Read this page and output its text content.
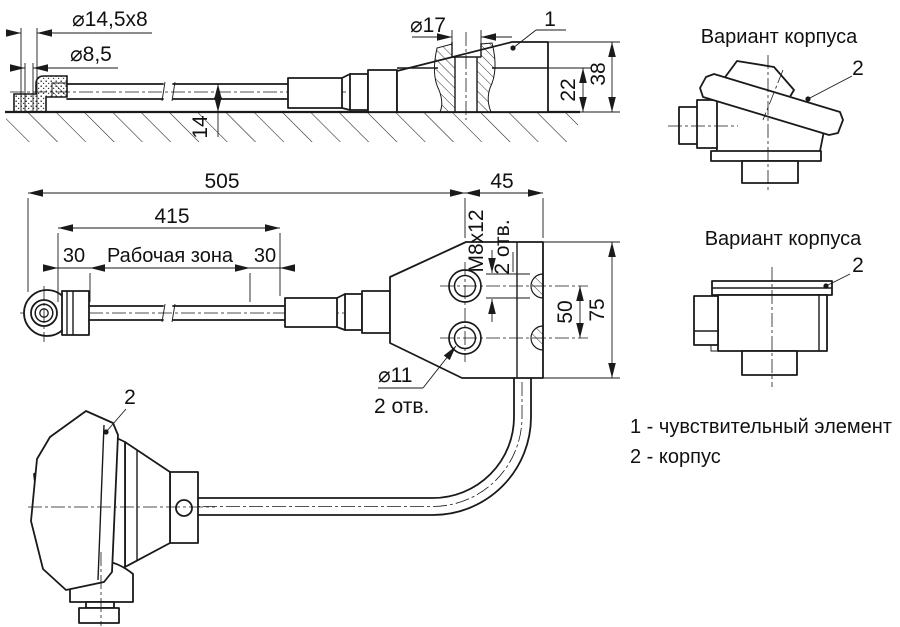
⌀14,5x8
⌀8,5
⌀17	1
22
38
14
2
505	45
415
30 Рабочая зона 30	M8x12 2 отв.
50 75
⌀11
2 отв.
Вариант корпуса
2
Вариант корпуса
2
1 - чувствительный элемент
2 - корпус
